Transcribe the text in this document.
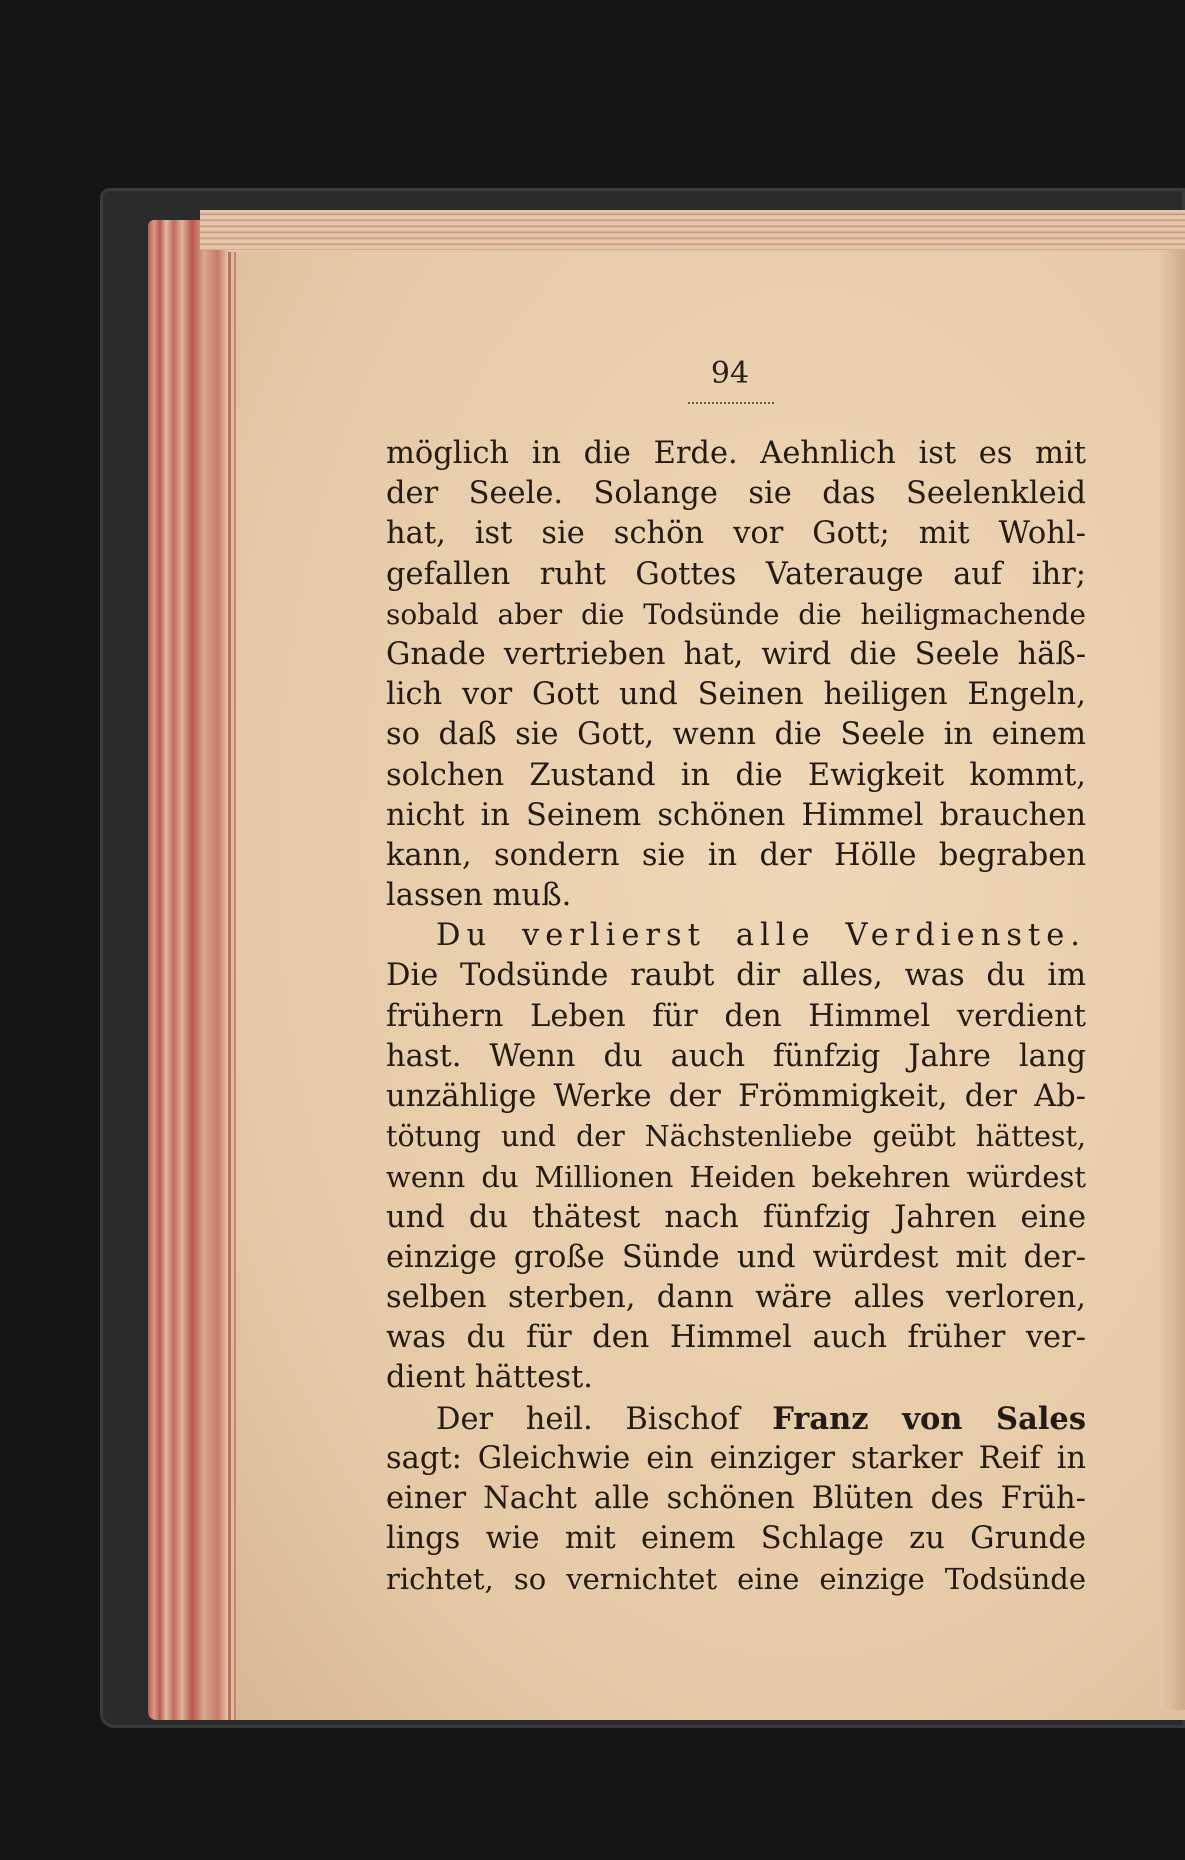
94
möglich in die Erde. Aehnlich ist es mit
der Seele. Solange sie das Seelenkleid
hat, ist sie schön vor Gott; mit Wohl-
gefallen ruht Gottes Vaterauge auf ihr;
sobald aber die Todsünde die heiligmachende
Gnade vertrieben hat, wird die Seele häß-
lich vor Gott und Seinen heiligen Engeln,
so daß sie Gott, wenn die Seele in einem
solchen Zustand in die Ewigkeit kommt,
nicht in Seinem schönen Himmel brauchen
kann, sondern sie in der Hölle begraben
lassen muß.
Du verlierst alle Verdienste.
Die Todsünde raubt dir alles, was du im
frühern Leben für den Himmel verdient
hast. Wenn du auch fünfzig Jahre lang
unzählige Werke der Frömmigkeit, der Ab-
tötung und der Nächstenliebe geübt hättest,
wenn du Millionen Heiden bekehren würdest
und du thätest nach fünfzig Jahren eine
einzige große Sünde und würdest mit der-
selben sterben, dann wäre alles verloren,
was du für den Himmel auch früher ver-
dient hättest.
Der heil. Bischof Franz von Sales
sagt: Gleichwie ein einziger starker Reif in
einer Nacht alle schönen Blüten des Früh-
lings wie mit einem Schlage zu Grunde
richtet, so vernichtet eine einzige Todsünde
